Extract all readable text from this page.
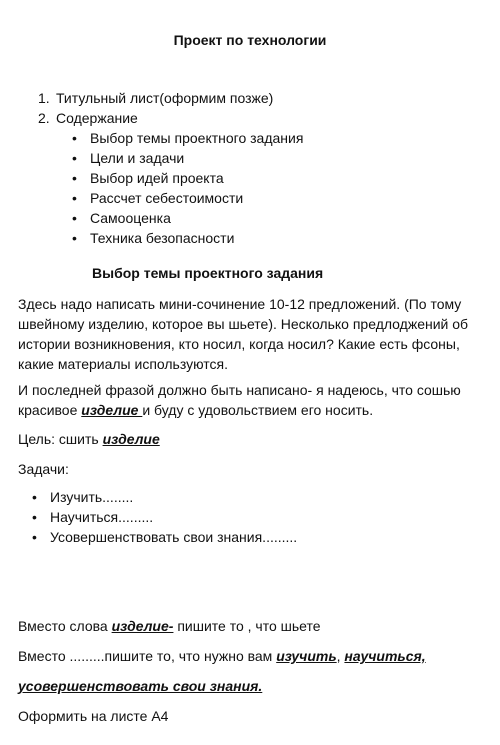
Проект по технологии
1. Титульный лист(оформим позже)
2. Содержание
• Выбор темы проектного задания
• Цели и задачи
• Выбор идей проекта
• Рассчет себестоимости
• Самооценка
• Техника безопасности
Выбор темы проектного задания
Здесь надо написать мини-сочинение 10-12 предложений. (По тому швейному изделию, которое вы шьете). Несколько предлоджений об истории возникновения, кто носил, когда носил? Какие есть фсоны, какие материалы используются.
И последней фразой должно быть написано- я надеюсь, что сошью красивое изделие и буду с удовольствием его носить.
Цель: сшить изделие
Задачи:
• Изучить........
• Научиться.........
• Усовершенствовать свои знания.........
Вместо слова изделие- пишите то , что шьете
Вместо .........пишите то, что нужно вам изучить, научиться,
усовершенствовать свои знания.
Оформить на листе А4
